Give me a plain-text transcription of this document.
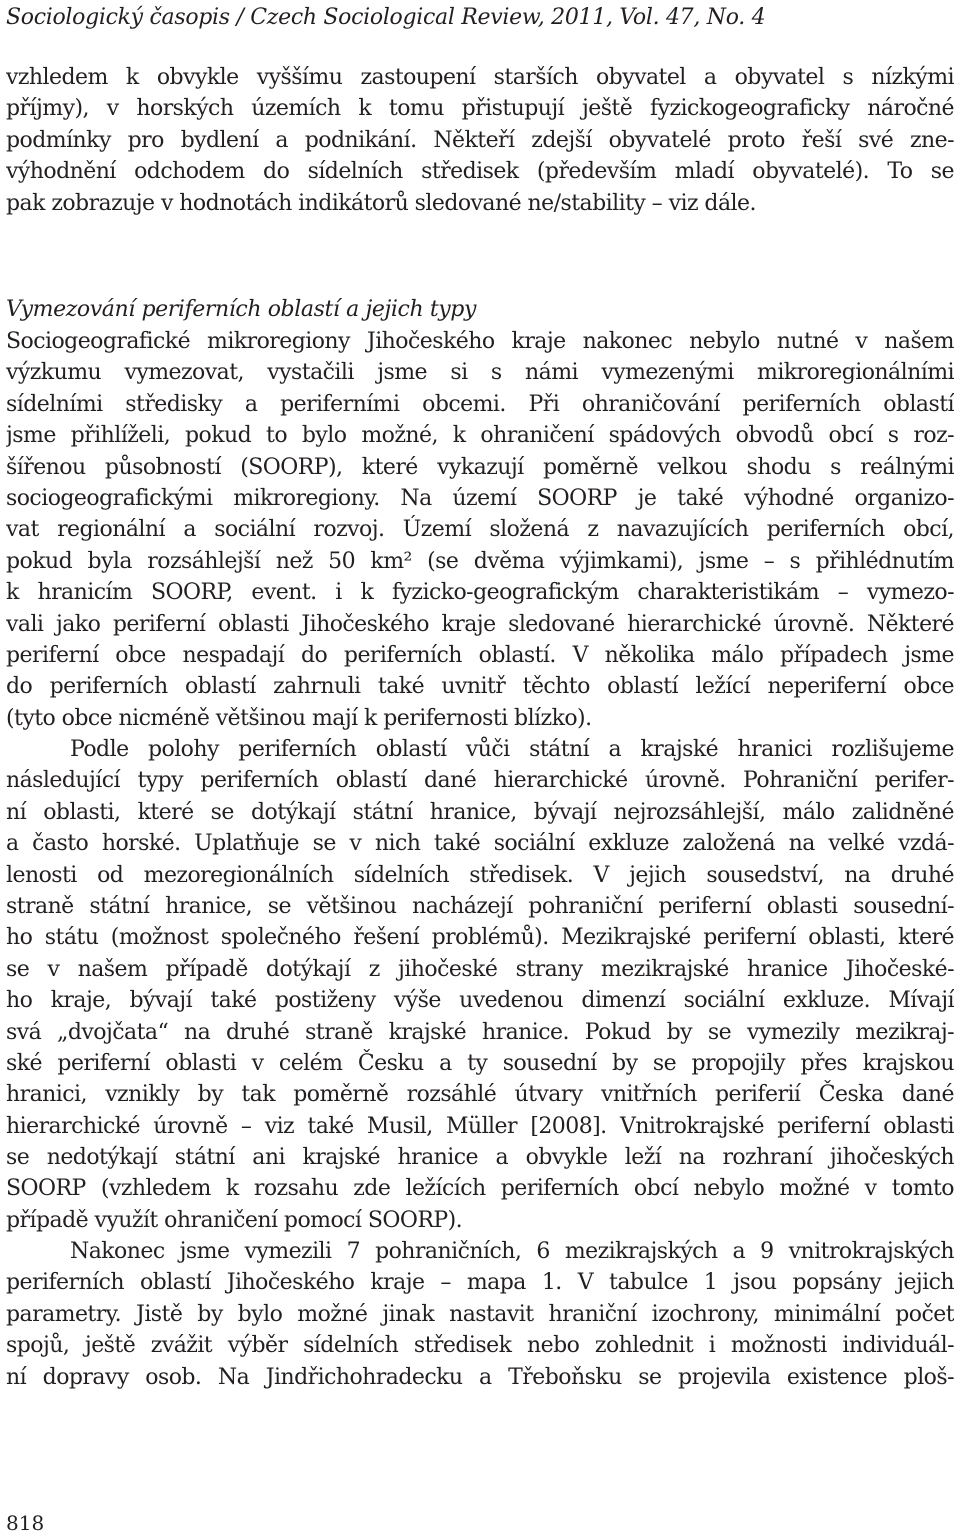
Sociologický časopis / Czech Sociological Review, 2011, Vol. 47, No. 4
vzhledem k obvykle vyššímu zastoupení starších obyvatel a obyvatel s nízkými
příjmy), v horských územích k tomu přistupují ještě fyzickogeograficky náročné
podmínky pro bydlení a podnikání. Někteří zdejší obyvatelé proto řeší své zne-
výhodnění odchodem do sídelních středisek (především mladí obyvatelé). To se
pak zobrazuje v hodnotách indikátorů sledované ne/stability – viz dále.
Vymezování periferních oblastí a jejich typy
Sociogeografické mikroregiony Jihočeského kraje nakonec nebylo nutné v našem
výzkumu vymezovat, vystačili jsme si s námi vymezenými mikroregionálními
sídelními středisky a periferními obcemi. Při ohraničování periferních oblastí
jsme přihlíželi, pokud to bylo možné, k ohraničení spádových obvodů obcí s roz-
šířenou působností (SOORP), které vykazují poměrně velkou shodu s reálnými
sociogeografickými mikroregiony. Na území SOORP je také výhodné organizo-
vat regionální a sociální rozvoj. Území složená z navazujících periferních obcí,
pokud byla rozsáhlejší než 50 km² (se dvěma výjimkami), jsme – s přihlédnutím
k hranicím SOORP, event. i k fyzicko-geografickým charakteristikám – vymezo-
vali jako periferní oblasti Jihočeského kraje sledované hierarchické úrovně. Některé
periferní obce nespadají do periferních oblastí. V několika málo případech jsme
do periferních oblastí zahrnuli také uvnitř těchto oblastí ležící neperiferní obce
(tyto obce nicméně většinou mají k perifernosti blízko).
Podle polohy periferních oblastí vůči státní a krajské hranici rozlišujeme
následující typy periferních oblastí dané hierarchické úrovně. Pohraniční perifer-
ní oblasti, které se dotýkají státní hranice, bývají nejrozsáhlejší, málo zalidněné
a často horské. Uplatňuje se v nich také sociální exkluze založená na velké vzdá-
lenosti od mezoregionálních sídelních středisek. V jejich sousedství, na druhé
straně státní hranice, se většinou nacházejí pohraniční periferní oblasti sousední-
ho státu (možnost společného řešení problémů). Mezikrajské periferní oblasti, které
se v našem případě dotýkají z jihočeské strany mezikrajské hranice Jihočeské-
ho kraje, bývají také postiženy výše uvedenou dimenzí sociální exkluze. Mívají
svá „dvojčata“ na druhé straně krajské hranice. Pokud by se vymezily mezikraj-
ské periferní oblasti v celém Česku a ty sousední by se propojily přes krajskou
hranici, vznikly by tak poměrně rozsáhlé útvary vnitřních periferií Česka dané
hierarchické úrovně – viz také Musil, Müller [2008]. Vnitrokrajské periferní oblasti
se nedotýkají státní ani krajské hranice a obvykle leží na rozhraní jihočeských
SOORP (vzhledem k rozsahu zde ležících periferních obcí nebylo možné v tomto
případě využít ohraničení pomocí SOORP).
Nakonec jsme vymezili 7 pohraničních, 6 mezikrajských a 9 vnitrokrajských
periferních oblastí Jihočeského kraje – mapa 1. V tabulce 1 jsou popsány jejich
parametry. Jistě by bylo možné jinak nastavit hraniční izochrony, minimální počet
spojů, ještě zvážit výběr sídelních středisek nebo zohlednit i možnosti individuál-
ní dopravy osob. Na Jindřichohradecku a Třeboňsku se projevila existence ploš-
818
